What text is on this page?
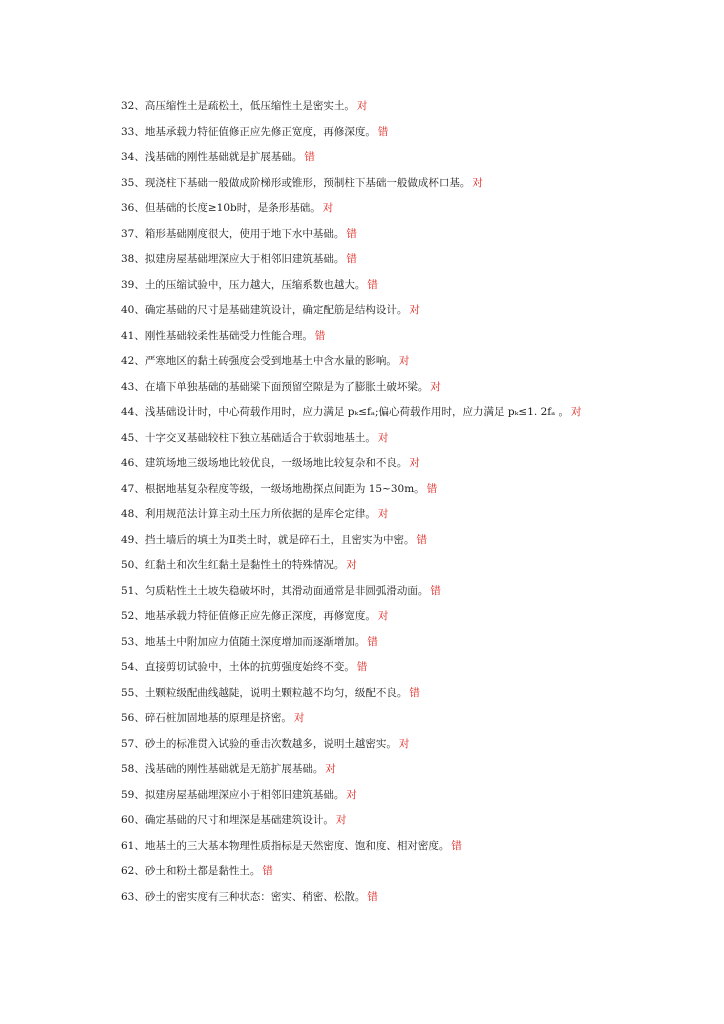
32、高压缩性土是疏松土，低压缩性土是密实土。 对
33、地基承载力特征值修正应先修正宽度，再修深度。 错
34、浅基础的刚性基础就是扩展基础。 错
35、现浇柱下基础一般做成阶梯形或锥形，预制柱下基础一般做成杯口基。 对
36、但基础的长度≥10b时，是条形基础。 对
37、箱形基础刚度很大，使用于地下水中基础。 错
38、拟建房屋基础埋深应大于相邻旧建筑基础。 错
39、土的压缩试验中，压力越大，压缩系数也越大。 错
40、确定基础的尺寸是基础建筑设计，确定配筋是结构设计。 对
41、刚性基础较柔性基础受力性能合理。 错
42、严寒地区的黏土砖强度会受到地基土中含水量的影响。 对
43、在墙下单独基础的基础梁下面预留空隙是为了膨胀土破坏梁。 对
44、浅基础设计时，中心荷载作用时，应力满足 pₖ≤fₐ;偏心荷载作用时，应力满足 pₖ≤1. 2fₐ 。 对
45、十字交叉基础较柱下独立基础适合于软弱地基土。 对
46、建筑场地三级场地比较优良，一级场地比较复杂和不良。 对
47、根据地基复杂程度等级，一级场地勘探点间距为 15~30m。 错
48、利用规范法计算主动土压力所依据的是库仑定律。 对
49、挡土墙后的填土为Ⅱ类土时，就是碎石土，且密实为中密。 错
50、红黏土和次生红黏土是黏性土的特殊情况。 对
51、匀质粘性土土坡失稳破坏时，其滑动面通常是非圆弧滑动面。 错
52、地基承载力特征值修正应先修正深度，再修宽度。 对
53、地基土中附加应力值随土深度增加而逐渐增加。 错
54、直接剪切试验中，土体的抗剪强度始终不变。 错
55、土颗粒级配曲线越陡，说明土颗粒越不均匀，级配不良。 错
56、碎石桩加固地基的原理是挤密。 对
57、砂土的标准贯入试验的垂击次数越多，说明土越密实。 对
58、浅基础的刚性基础就是无筋扩展基础。 对
59、拟建房屋基础埋深应小于相邻旧建筑基础。 对
60、确定基础的尺寸和埋深是基础建筑设计。 对
61、地基土的三大基本物理性质指标是天然密度、饱和度、相对密度。 错
62、砂土和粉土都是黏性土。 错
63、砂土的密实度有三种状态：密实、稍密、松散。 错
